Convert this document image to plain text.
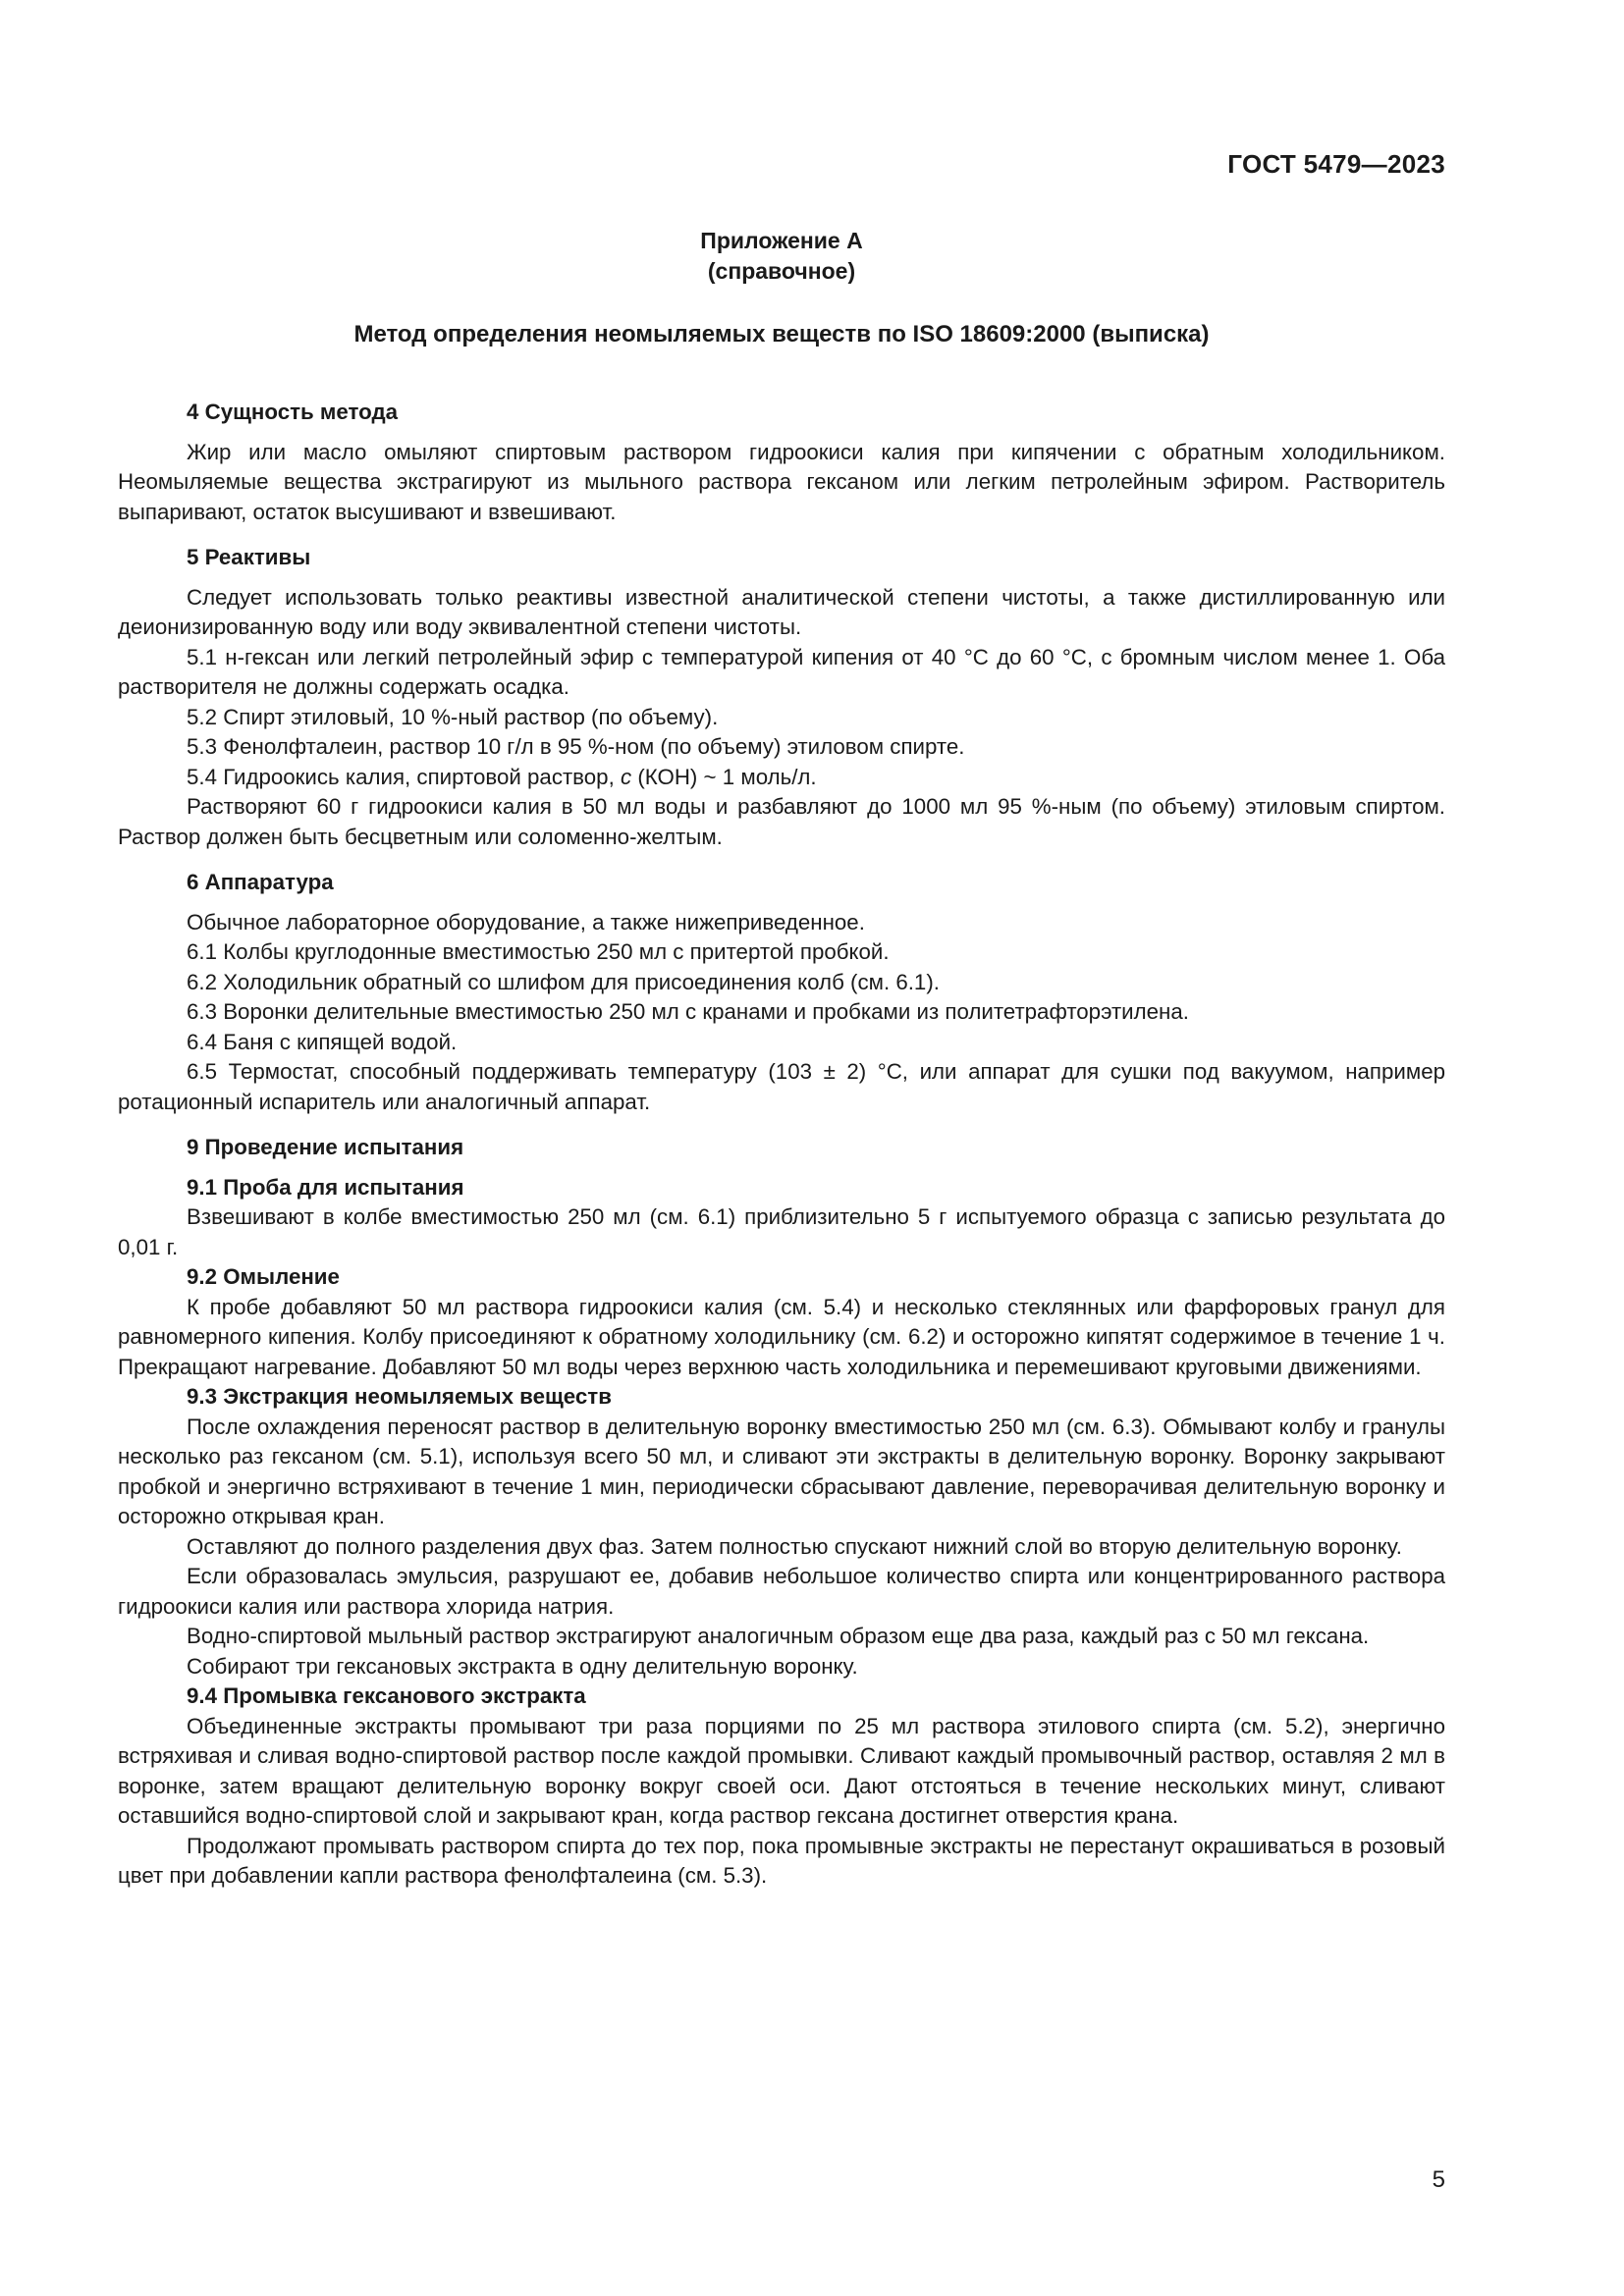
ГОСТ 5479—2023
Приложение А
(справочное)
Метод определения неомыляемых веществ по ISO 18609:2000 (выписка)
4 Сущность метода

Жир или масло омыляют спиртовым раствором гидроокиси калия при кипячении с обратным холодильником. Неомыляемые вещества экстрагируют из мыльного раствора гексаном или легким петролейным эфиром. Растворитель выпаривают, остаток высушивают и взвешивают.

5 Реактивы

Следует использовать только реактивы известной аналитической степени чистоты, а также дистиллированную или деионизированную воду или воду эквивалентной степени чистоты.

5.1 н-гексан или легкий петролейный эфир с температурой кипения от 40 °С до 60 °С, с бромным числом менее 1. Оба растворителя не должны содержать осадка.

5.2 Спирт этиловый, 10 %-ный раствор (по объему).

5.3 Фенолфталеин, раствор 10 г/л в 95 %-ном (по объему) этиловом спирте.

5.4 Гидроокись калия, спиртовой раствор, c (КОН) ~ 1 моль/л.

Растворяют 60 г гидроокиси калия в 50 мл воды и разбавляют до 1000 мл 95 %-ным (по объему) этиловым спиртом. Раствор должен быть бесцветным или соломенно-желтым.

6 Аппаратура

Обычное лабораторное оборудование, а также нижеприведенное.

6.1 Колбы круглодонные вместимостью 250 мл с притертой пробкой.

6.2 Холодильник обратный со шлифом для присоединения колб (см. 6.1).

6.3 Воронки делительные вместимостью 250 мл с кранами и пробками из политетрафторэтилена.

6.4 Баня с кипящей водой.

6.5 Термостат, способный поддерживать температуру (103 ± 2) °С, или аппарат для сушки под вакуумом, например ротационный испаритель или аналогичный аппарат.

9 Проведение испытания
9.1 Проба для испытания

Взвешивают в колбе вместимостью 250 мл (см. 6.1) приблизительно 5 г испытуемого образца с записью результата до 0,01 г.

9.2 Омыление

К пробе добавляют 50 мл раствора гидроокиси калия (см. 5.4) и несколько стеклянных или фарфоровых гранул для равномерного кипения. Колбу присоединяют к обратному холодильнику (см. 6.2) и осторожно кипятят содержимое в течение 1 ч. Прекращают нагревание. Добавляют 50 мл воды через верхнюю часть холодильника и перемешивают круговыми движениями.

9.3 Экстракция неомыляемых веществ

После охлаждения переносят раствор в делительную воронку вместимостью 250 мл (см. 6.3). Обмывают колбу и гранулы несколько раз гексаном (см. 5.1), используя всего 50 мл, и сливают эти экстракты в делительную воронку. Воронку закрывают пробкой и энергично встряхивают в течение 1 мин, периодически сбрасывают давление, переворачивая делительную воронку и осторожно открывая кран.

Оставляют до полного разделения двух фаз. Затем полностью спускают нижний слой во вторую делительную воронку.

Если образовалась эмульсия, разрушают ее, добавив небольшое количество спирта или концентрированного раствора гидроокиси калия или раствора хлорида натрия.

Водно-спиртовой мыльный раствор экстрагируют аналогичным образом еще два раза, каждый раз с 50 мл гексана.

Собирают три гексановых экстракта в одну делительную воронку.

9.4 Промывка гексанового экстракта

Объединенные экстракты промывают три раза порциями по 25 мл раствора этилового спирта (см. 5.2), энергично встряхивая и сливая водно-спиртовой раствор после каждой промывки. Сливают каждый промывочный раствор, оставляя 2 мл в воронке, затем вращают делительную воронку вокруг своей оси. Дают отстояться в течение нескольких минут, сливают оставшийся водно-спиртовой слой и закрывают кран, когда раствор гексана достигнет отверстия крана.

Продолжают промывать раствором спирта до тех пор, пока промывные экстракты не перестанут окрашиваться в розовый цвет при добавлении капли раствора фенолфталеина (см. 5.3).

5
